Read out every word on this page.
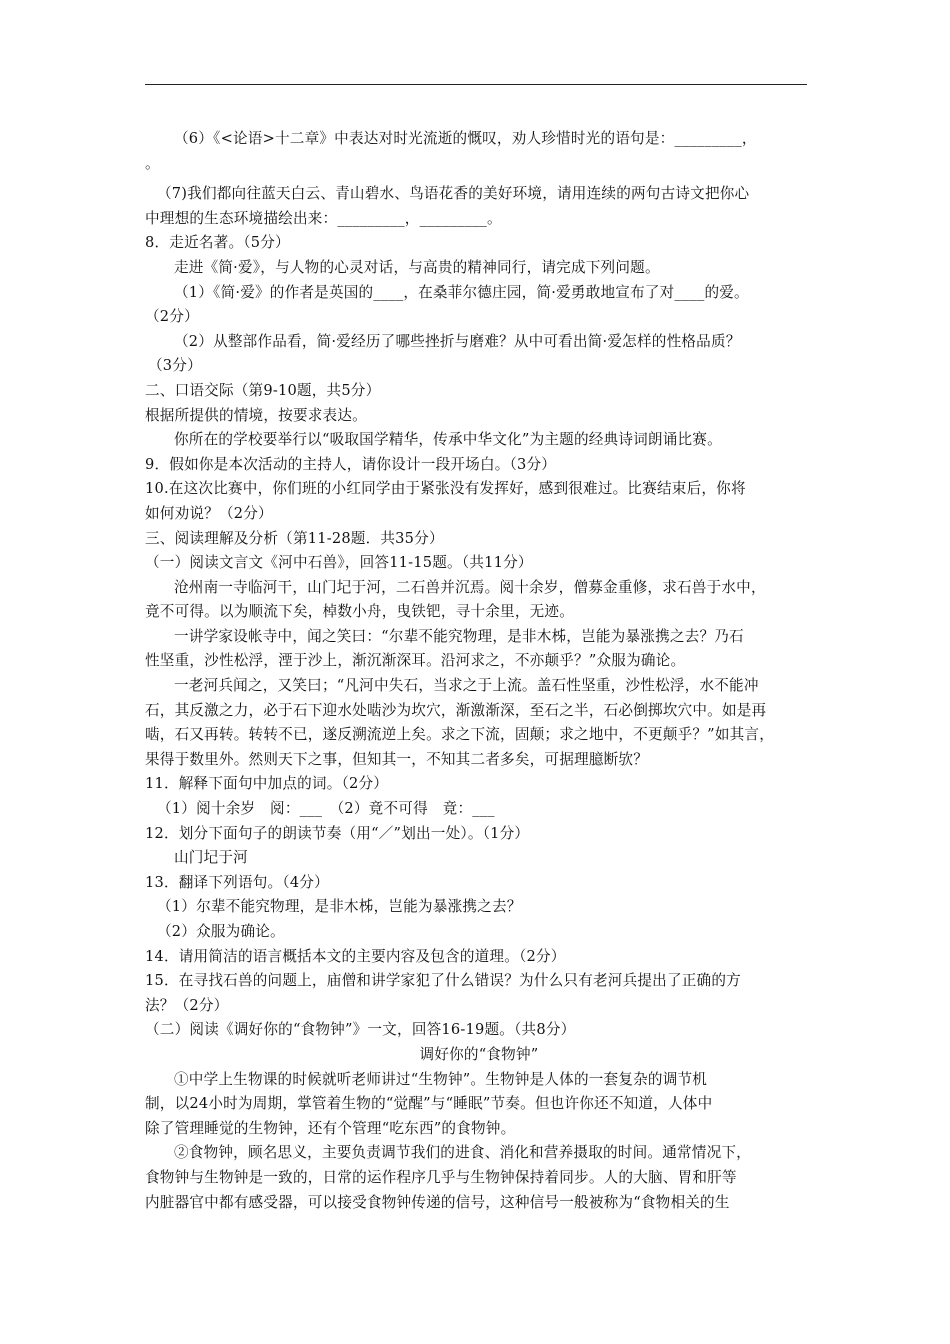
（6）《<论语>十二章》中表达对时光流逝的慨叹，劝人珍惜时光的语句是：_________，
。
（7)我们都向往蓝天白云、青山碧水、鸟语花香的美好环境，请用连续的两句古诗文把你心
中理想的生态环境描绘出来：_________，_________。
8．走近名著。（5分）
走进《简·爱》，与人物的心灵对话，与高贵的精神同行，请完成下列问题。
（1）《简·爱》的作者是英国的____，在桑菲尔德庄园，简·爱勇敢地宣布了对____的爱。
（2分）
（2）从整部作品看，简·爱经历了哪些挫折与磨难？从中可看出简·爱怎样的性格品质？
（3分）
二、口语交际（第9-10题，共5分）
根据所提供的情境，按要求表达。
你所在的学校要举行以“吸取国学精华，传承中华文化”为主题的经典诗词朗诵比赛。
9．假如你是本次活动的主持人，请你设计一段开场白。（3分）
10.在这次比赛中，你们班的小红同学由于紧张没有发挥好，感到很难过。比赛结束后，你将
如何劝说？（2分）
三、阅读理解及分析（第11-28题．共35分）
（一）阅读文言文《河中石兽》，回答11-15题。（共11分）
沧州南一寺临河干，山门圮于河，二石兽并沉焉。阅十余岁，僧募金重修，求石兽于水中，
竟不可得。以为顺流下矣，棹数小舟，曳铁钯，寻十余里，无迹。
一讲学家设帐寺中，闻之笑曰：“尔辈不能究物理，是非木柹，岂能为暴涨携之去？乃石
性坚重，沙性松浮，湮于沙上，渐沉渐深耳。沿河求之，不亦颠乎？”众服为确论。
一老河兵闻之，又笑曰；“凡河中失石，当求之于上流。盖石性坚重，沙性松浮，水不能冲
石，其反激之力，必于石下迎水处啮沙为坎穴，渐激渐深，至石之半，石必倒掷坎穴中。如是再
啮，石又再转。转转不已，遂反溯流逆上矣。求之下流，固颠；求之地中，不更颠乎？”如其言，
果得于数里外。然则天下之事，但知其一，不知其二者多矣，可据理臆断欤？
11．解释下面句中加点的词。（2分）
（1）阅十余岁　阅：___　（2）竟不可得　竟：___
12．划分下面句子的朗读节奏（用“／”划出一处）。（1分）
山门圮于河
13．翻译下列语句。（4分）
（1）尔辈不能究物理，是非木柹，岂能为暴涨携之去？
（2）众服为确论。
14．请用简洁的语言概括本文的主要内容及包含的道理。（2分）
15．在寻找石兽的问题上，庙僧和讲学家犯了什么错误？为什么只有老河兵提出了正确的方
法？（2分）
（二）阅读《调好你的“食物钟”》一文，回答16-19题。（共8分）
调好你的“食物钟”
①中学上生物课的时候就听老师讲过“生物钟”。生物钟是人体的一套复杂的调节机
制，以24小时为周期，掌管着生物的“觉醒”与“睡眠”节奏。但也许你还不知道，人体中
除了管理睡觉的生物钟，还有个管理“吃东西”的食物钟。
②食物钟，顾名思义，主要负责调节我们的进食、消化和营养摄取的时间。通常情况下，
食物钟与生物钟是一致的，日常的运作程序几乎与生物钟保持着同步。人的大脑、胃和肝等
内脏器官中都有感受器，可以接受食物钟传递的信号，这种信号一般被称为“食物相关的生
